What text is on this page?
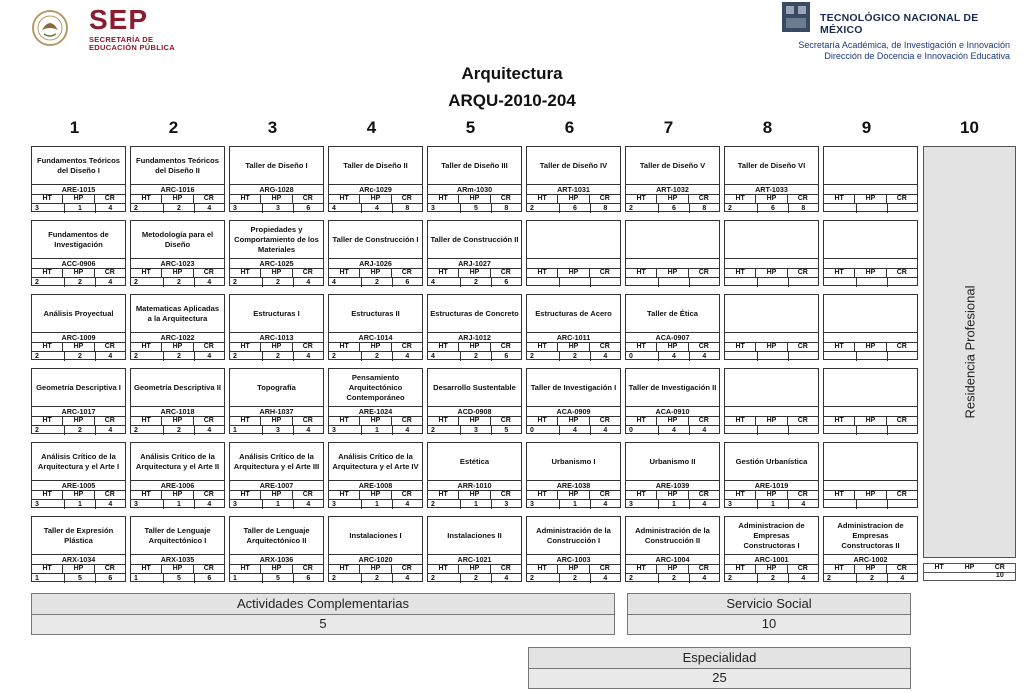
SEP
SECRETARÍA DE
EDUCACIÓN PÚBLICA
TECNOLÓGICO NACIONAL DE MÉXICO
Secretaría Académica, de Investigación e Innovación
Dirección de Docencia e Innovación Educativa
Arquitectura
ARQU-2010-204
1	2	3	4	5	6	7	8	9	10
Fundamentos Teóricos del Diseño I
ARE-1015
HT	HP	CR
3	1	4
Fundamentos Teóricos del Diseño II
ARC-1016
HT	HP	CR
2	2	4
Taller de Diseño I
ARG-1028
HT	HP	CR
3	3	6
Taller de Diseño II
ARc-1029
HT	HP	CR
4	4	8
Taller de Diseño III
ARm-1030
HT	HP	CR
3	5	8
Taller de Diseño IV
ART-1031
HT	HP	CR
2	6	8
Taller de Diseño V
ART-1032
HT	HP	CR
2	6	8
Taller de Diseño VI
ART-1033
HT	HP	CR
2	6	8
HT	HP	CR
Fundamentos de Investigación
ACC-0906
HT	HP	CR
2	2	4
Metodología para el Diseño
ARC-1023
HT	HP	CR
2	2	4
Propiedades y Comportamiento de los Materiales
ARC-1025
HT	HP	CR
2	2	4
Taller de Construcción I
ARJ-1026
HT	HP	CR
4	2	6
Taller de Construcción II
ARJ-1027
HT	HP	CR
4	2	6
HT	HP	CR	HT	HP	CR	HT	HP	CR	HT	HP	CR
Análisis Proyectual
ARC-1009
HT	HP	CR
2	2	4
Matematicas Aplicadas a la Arquitectura
ARC-1022
HT	HP	CR
2	2	4
Estructuras I
ARC-1013
HT	HP	CR
2	2	4
Estructuras II
ARC-1014
HT	HP	CR
2	2	4
Estructuras de Concreto
ARJ-1012
HT	HP	CR
4	2	6
Estructuras de Acero
ARC-1011
HT	HP	CR
2	2	4
Taller de Ética
ACA-0907
HT	HP	CR
0	4	4
HT	HP	CR	HT	HP	CR
Geometría Descriptiva I
ARC-1017
HT	HP	CR
2	2	4
Geometría Descriptiva II
ARC-1018
HT	HP	CR
2	2	4
Topografía
ARH-1037
HT	HP	CR
1	3	4
Pensamiento Arquitectónico Contemporáneo
ARE-1024
HT	HP	CR
3	1	4
Desarrollo Sustentable
ACD-0908
HT	HP	CR
2	3	5
Taller de Investigación I
ACA-0909
HT	HP	CR
0	4	4
Taller de Investigación II
ACA-0910
HT	HP	CR
0	4	4
HT	HP	CR	HT	HP	CR
Análisis Crítico de la Arquitectura y el Arte I
ARE-1005
HT	HP	CR
3	1	4
Análisis Crítico de la Arquitectura y el Arte II
ARE-1006
HT	HP	CR
3	1	4
Análisis Crítico de la Arquitectura y el Arte III
ARE-1007
HT	HP	CR
3	1	4
Análisis Crítico de la Arquitectura y el Arte IV
ARE-1008
HT	HP	CR
3	1	4
Estética
ARR-1010
HT	HP	CR
2	1	3
Urbanismo I
ARE-1038
HT	HP	CR
3	1	4
Urbanismo II
ARE-1039
HT	HP	CR
3	1	4
Gestión Urbanística
ARE-1019
HT	HP	CR
3	1	4
HT	HP	CR
Taller de Expresión Plástica
ARX-1034
HT	HP	CR
1	5	6
Taller de Lenguaje Arquitectónico I
ARX-1035
HT	HP	CR
1	5	6
Taller de Lenguaje Arquitectónico II
ARX-1036
HT	HP	CR
1	5	6
Instalaciones I
ARC-1020
HT	HP	CR
2	2	4
Instalaciones II
ARC-1021
HT	HP	CR
2	2	4
Administración de la Construcción I
ARC-1003
HT	HP	CR
2	2	4
Administración de la Construcción II
ARC-1004
HT	HP	CR
2	2	4
Administracion de Empresas Constructoras I
ARC-1001
HT	HP	CR
2	2	4
Administracion de Empresas Constructoras II
ARC-1002
HT	HP	CR
2	2	4
Residencia Profesional
HT	HP	CR
10
Actividades Complementarias
5
Servicio Social
10
Especialidad
25
